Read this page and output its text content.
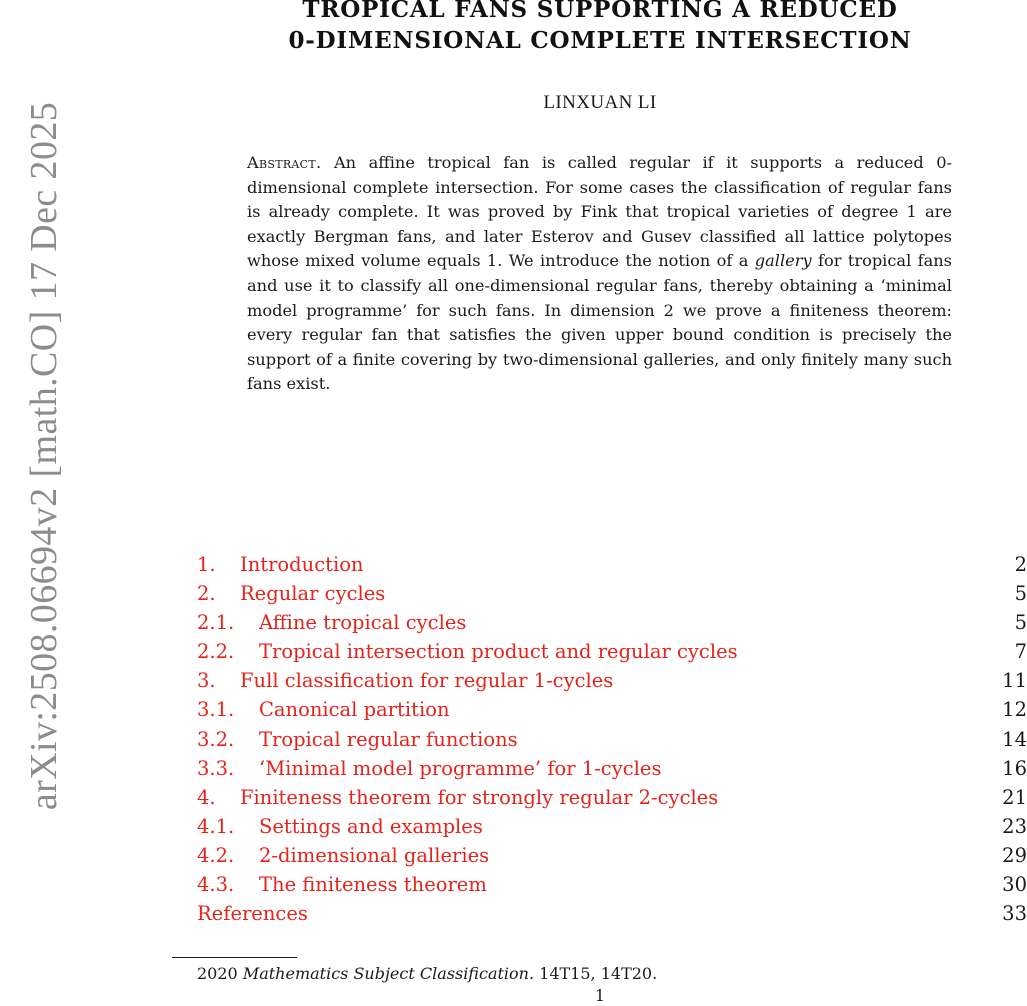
arXiv:2508.06694v2 [math.CO] 17 Dec 2025
TROPICAL FANS SUPPORTING A REDUCED
0-DIMENSIONAL COMPLETE INTERSECTION
LINXUAN LI
Abstract. An affine tropical fan is called regular if it supports a reduced 0-dimensional complete intersection. For some cases the classification of regular fans is already complete. It was proved by Fink that tropical varieties of degree 1 are exactly Bergman fans, and later Esterov and Gusev classified all lattice polytopes whose mixed volume equals 1. We introduce the notion of a gallery for tropical fans and use it to classify all one-dimensional regular fans, thereby obtaining a ‘minimal model programme’ for such fans. In dimension 2 we prove a finiteness theorem: every regular fan that satisfies the given upper bound condition is precisely the support of a finite covering by two-dimensional galleries, and only finitely many such fans exist.
1. Introduction	2
2. Regular cycles	5
2.1. Affine tropical cycles	5
2.2. Tropical intersection product and regular cycles	7
3. Full classification for regular 1-cycles	11
3.1. Canonical partition	12
3.2. Tropical regular functions	14
3.3. ‘Minimal model programme’ for 1-cycles	16
4. Finiteness theorem for strongly regular 2-cycles	21
4.1. Settings and examples	23
4.2. 2-dimensional galleries	29
4.3. The finiteness theorem	30
References	33
2020 Mathematics Subject Classification. 14T15, 14T20.
1
